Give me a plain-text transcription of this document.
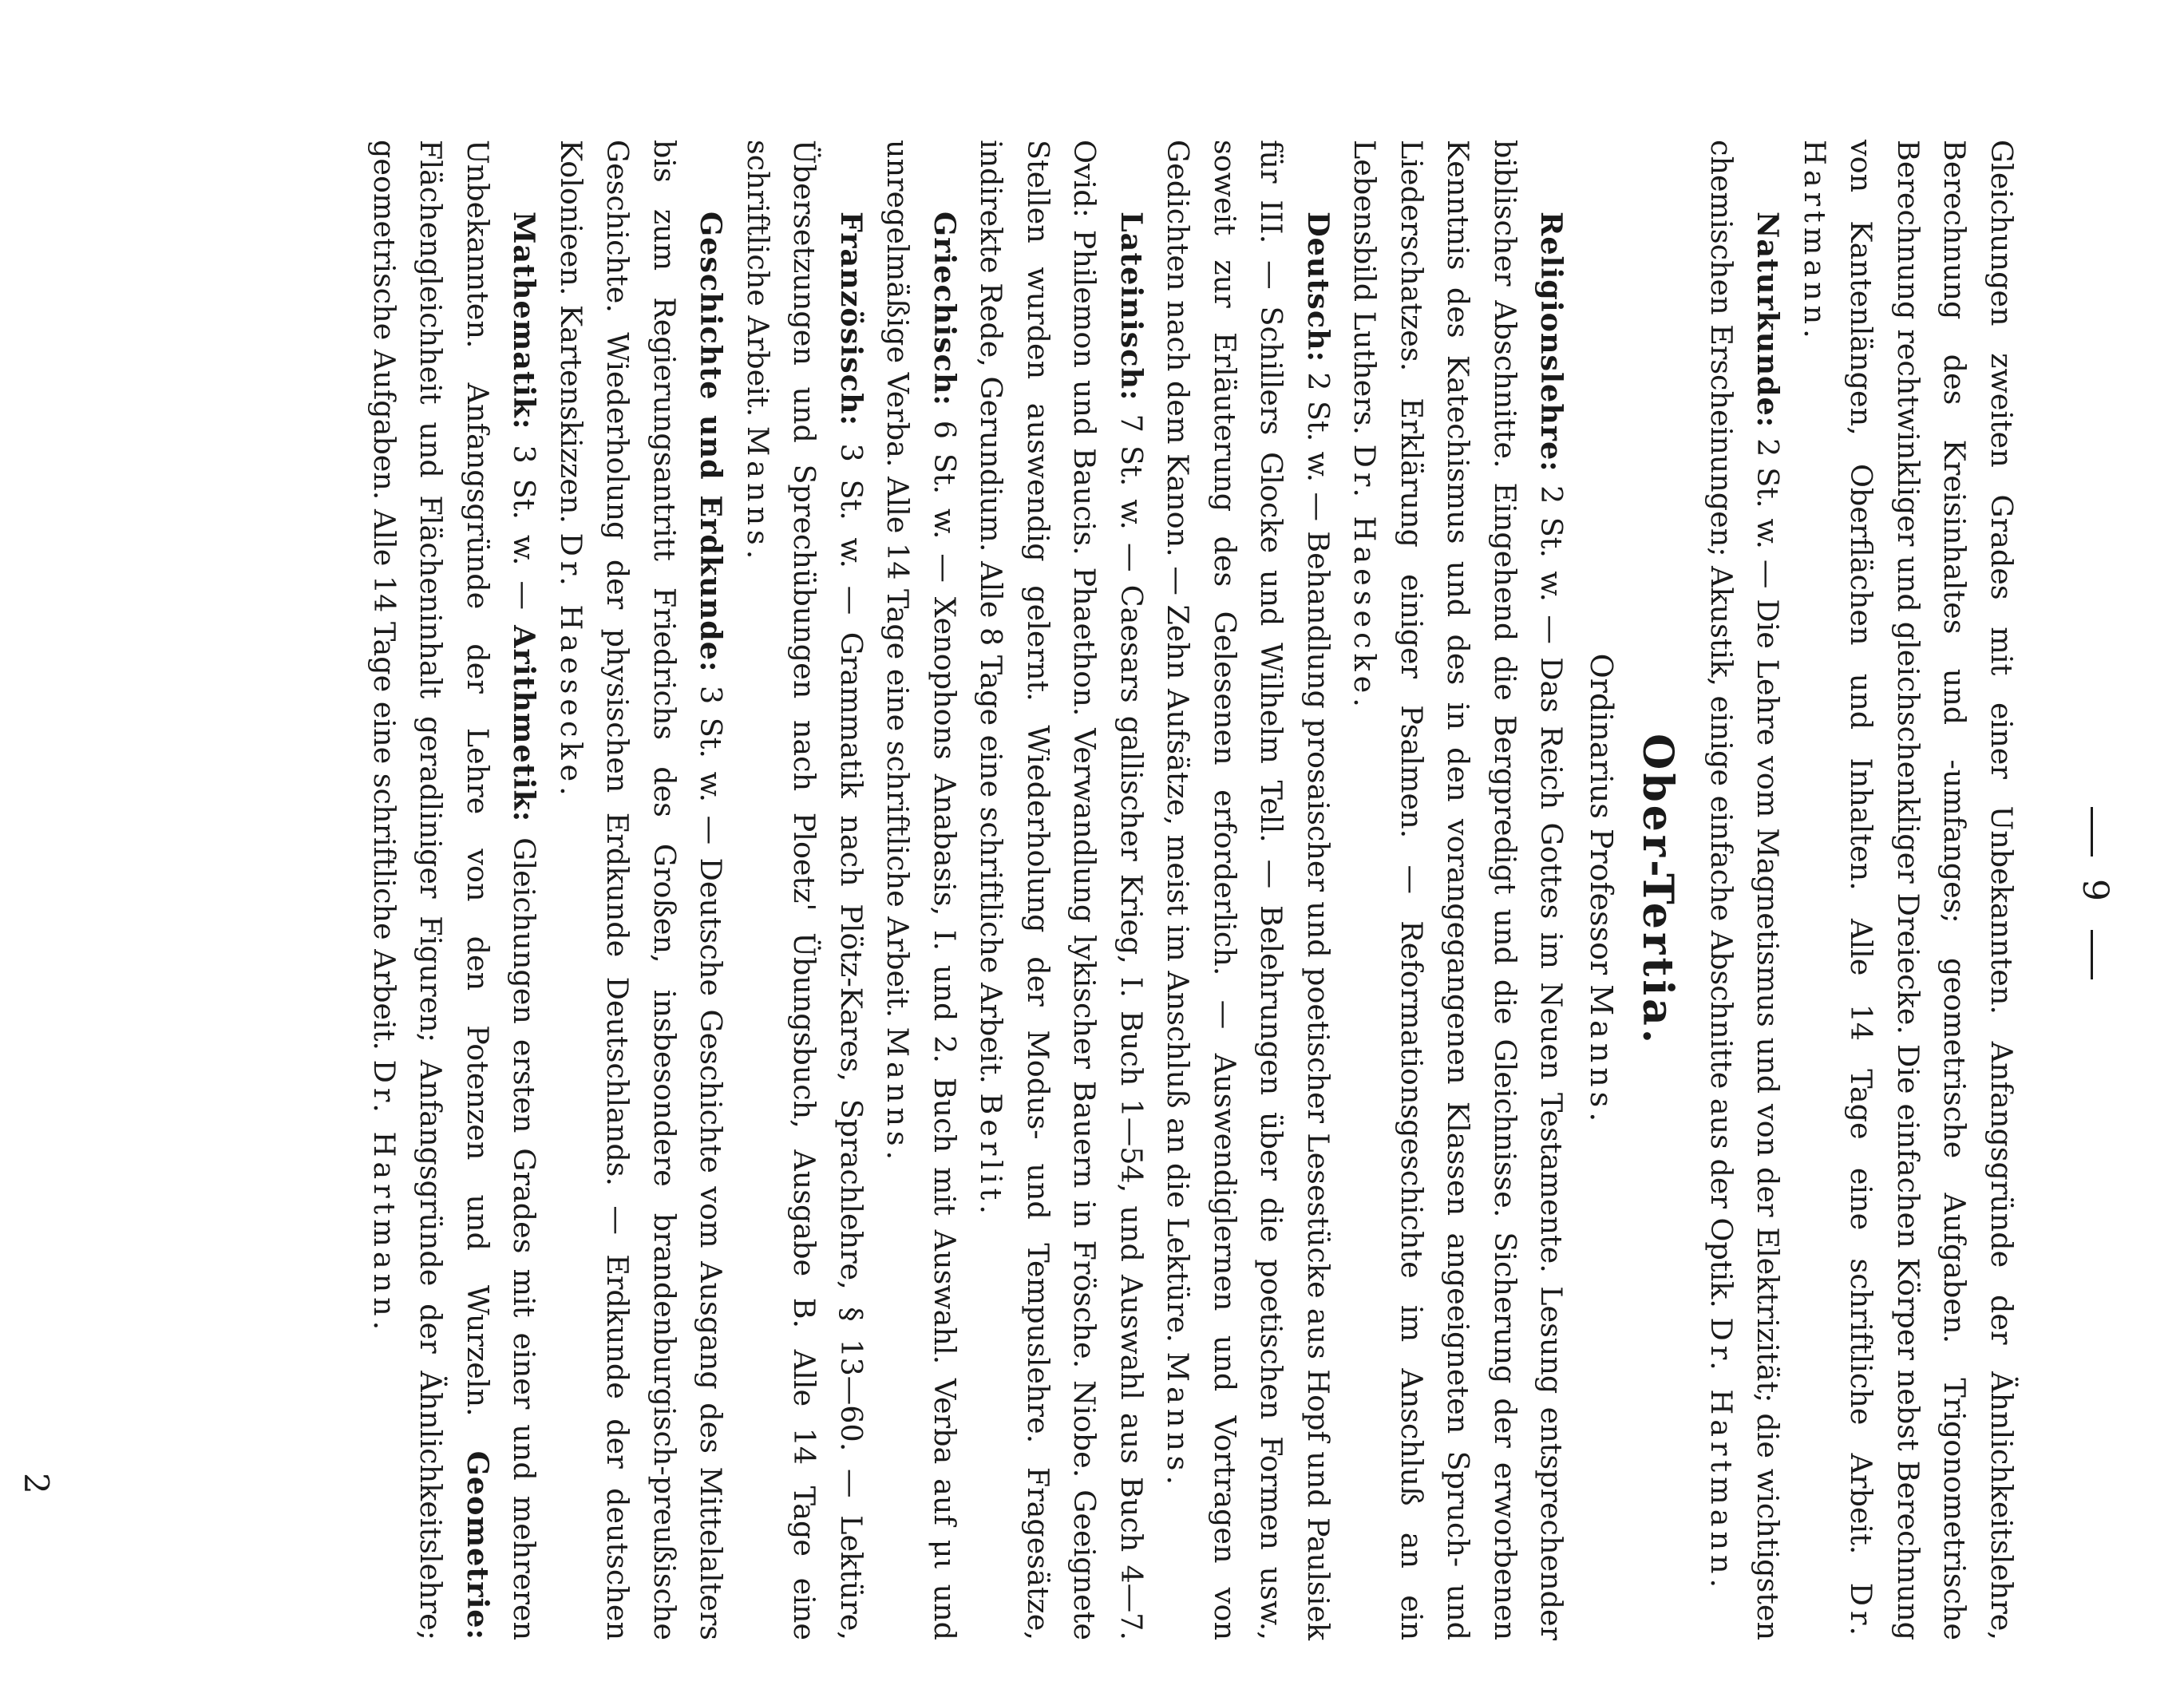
9

Gleichungen zweiten Grades mit einer Unbekannten. Anfangsgründe der Ähnlichkeitslehre, Berechnung des Kreisinhaltes und -umfanges; geometrische Aufgaben. Trigonometrische Berechnung rechtwinkliger und gleichschenkliger Dreiecke. Die einfachen Körper nebst Berechnung von Kantenlängen, Oberflächen und Inhalten. Alle 14 Tage eine schriftliche Arbeit. Dr. Hartmann.

Naturkunde: 2 St. w. — Die Lehre vom Magnetismus und von der Elektrizität; die wichtigsten chemischen Erscheinungen; Akustik, einige einfache Abschnitte aus der Optik. Dr. Hartmann.

Ober-Tertia.
Ordinarius Professor Manns.

Religionslehre: 2 St. w. — Das Reich Gottes im Neuen Testamente. Lesung entsprechender biblischer Abschnitte. Eingehend die Bergpredigt und die Gleichnisse. Sicherung der erworbenen Kenntnis des Katechismus und des in den vorangegangenen Klassen angeeigneten Spruch- und Liederschatzes. Erklärung einiger Psalmen. — Reformationsgeschichte im Anschluß an ein Lebensbild Luthers. Dr. Haesecke.

Deutsch: 2 St. w. — Behandlung prosaischer und poetischer Lesestücke aus Hopf und Paulsiek für III. — Schillers Glocke und Wilhelm Tell. — Belehrungen über die poetischen Formen usw., soweit zur Erläuterung des Gelesenen erforderlich. — Auswendiglernen und Vortragen von Gedichten nach dem Kanon. — Zehn Aufsätze, meist im Anschluß an die Lektüre. Manns.

Lateinisch: 7 St. w. — Caesars gallischer Krieg, I. Buch 1—54, und Auswahl aus Buch 4—7. Ovid: Philemon und Baucis. Phaethon. Verwandlung lykischer Bauern in Frösche. Niobe. Geeignete Stellen wurden auswendig gelernt. Wiederholung der Modus- und Tempuslehre. Fragesätze, indirekte Rede, Gerundium. Alle 8 Tage eine schriftliche Arbeit. Berlit.

Griechisch: 6 St. w. — Xenophons Anabasis, I. und 2. Buch mit Auswahl. Verba auf μι und unregelmäßige Verba. Alle 14 Tage eine schriftliche Arbeit. Manns.

Französisch: 3 St. w. — Grammatik nach Plötz-Kares, Sprachlehre, § 13—60. — Lektüre, Übersetzungen und Sprechübungen nach Ploetz' Übungsbuch, Ausgabe B. Alle 14 Tage eine schriftliche Arbeit. Manns.

Geschichte und Erdkunde: 3 St. w. — Deutsche Geschichte vom Ausgang des Mittelalters bis zum Regierungsantritt Friedrichs des Großen, insbesondere brandenburgisch-preußische Geschichte. Wiederholung der physischen Erdkunde Deutschlands. — Erdkunde der deutschen Kolonieen. Kartenskizzen. Dr. Haesecke.

Mathematik: 3 St. w. — Arithmetik: Gleichungen ersten Grades mit einer und mehreren Unbekannten. Anfangsgründe der Lehre von den Potenzen und Wurzeln. Geometrie: Flächengleichheit und Flächeninhalt geradliniger Figuren; Anfangsgründe der Ähnlichkeitslehre; geometrische Aufgaben. Alle 14 Tage eine schriftliche Arbeit. Dr. Hartmann.

2
